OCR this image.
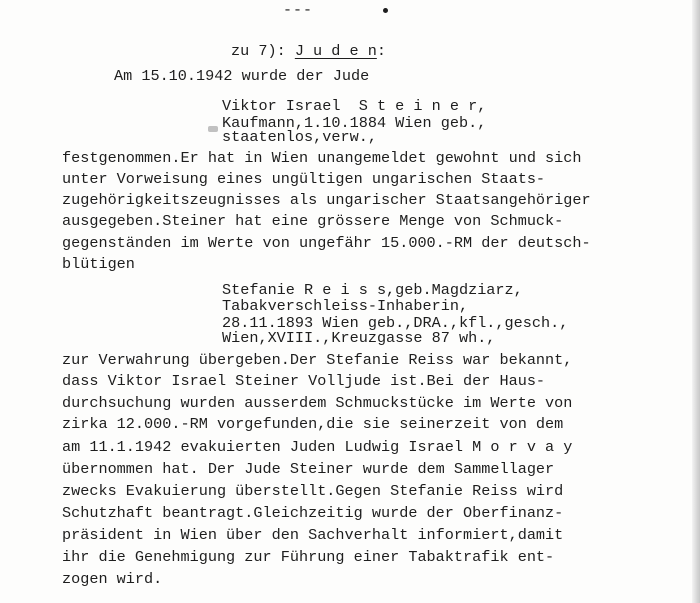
---
zu 7): J u d e n:
Am 15.10.1942 wurde der Jude
Viktor Israel  S t e i n e r,
Kaufmann,1.10.1884 Wien geb.,
staatenlos,verw.,
festgenommen.Er hat in Wien unangemeldet gewohnt und sich
unter Vorweisung eines ungültigen ungarischen Staats-
zugehörigkeitszeugnisses als ungarischer Staatsangehöriger
ausgegeben.Steiner hat eine grössere Menge von Schmuck-
gegenständen im Werte von ungefähr 15.000.-RM der deutsch-
blütigen
Stefanie R e i s s,geb.Magdziarz,
Tabakverschleiss-Inhaberin,
28.11.1893 Wien geb.,DRA.,kfl.,gesch.,
Wien,XVIII.,Kreuzgasse 87 wh.,
zur Verwahrung übergeben.Der Stefanie Reiss war bekannt,
dass Viktor Israel Steiner Volljude ist.Bei der Haus-
durchsuchung wurden ausserdem Schmuckstücke im Werte von
zirka 12.000.-RM vorgefunden,die sie seinerzeit von dem
am 11.1.1942 evakuierten Juden Ludwig Israel M o r v a y
übernommen hat. Der Jude Steiner wurde dem Sammellager
zwecks Evakuierung überstellt.Gegen Stefanie Reiss wird
Schutzhaft beantragt.Gleichzeitig wurde der Oberfinanz-
präsident in Wien über den Sachverhalt informiert,damit
ihr die Genehmigung zur Führung einer Tabaktrafik ent-
zogen wird.
